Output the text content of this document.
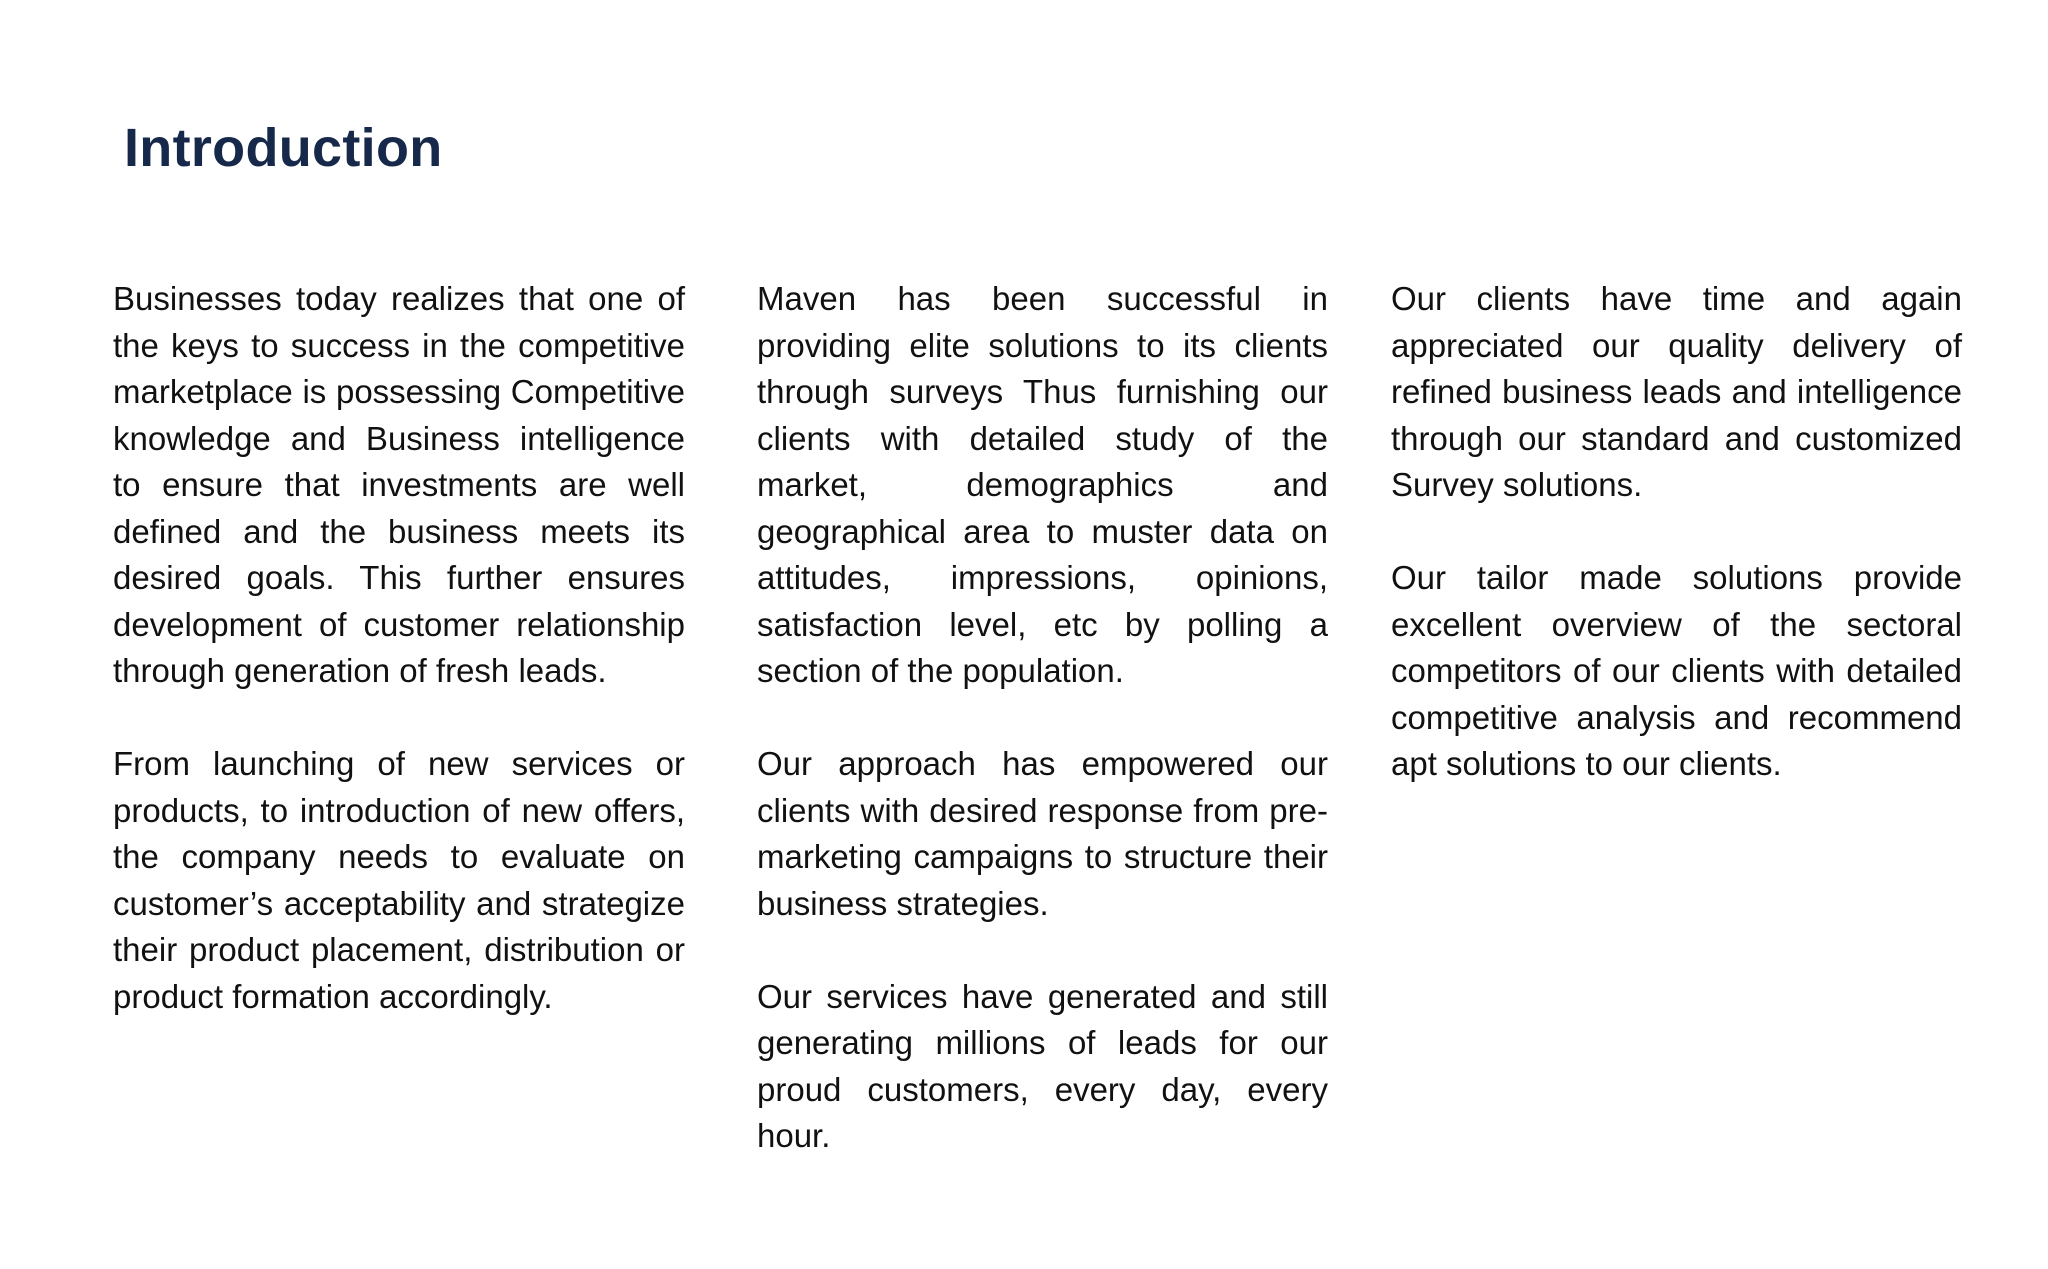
Introduction

Businesses today realizes that one of the keys to success in the competitive marketplace is possessing Competitive knowledge and Business intelligence to ensure that investments are well defined and the business meets its desired goals. This further ensures development of customer relationship through generation of fresh leads.

From launching of new services or products, to introduction of new offers, the company needs to evaluate on customer’s acceptability and strategize their product placement, distribution or product formation accordingly.

Maven has been successful in providing elite solutions to its clients through surveys Thus furnishing our clients with detailed study of the market, demographics and geographical area to muster data on attitudes, impressions, opinions, satisfaction level, etc by polling a section of the population.

Our approach has empowered our clients with desired response from pre-marketing campaigns to structure their business strategies.

Our services have generated and still generating millions of leads for our proud customers, every day, every hour.

Our clients have time and again appreciated our quality delivery of refined business leads and intelligence through our standard and customized Survey solutions.

Our tailor made solutions provide excellent overview of the sectoral competitors of our clients with detailed competitive analysis and recommend apt solutions to our clients.
